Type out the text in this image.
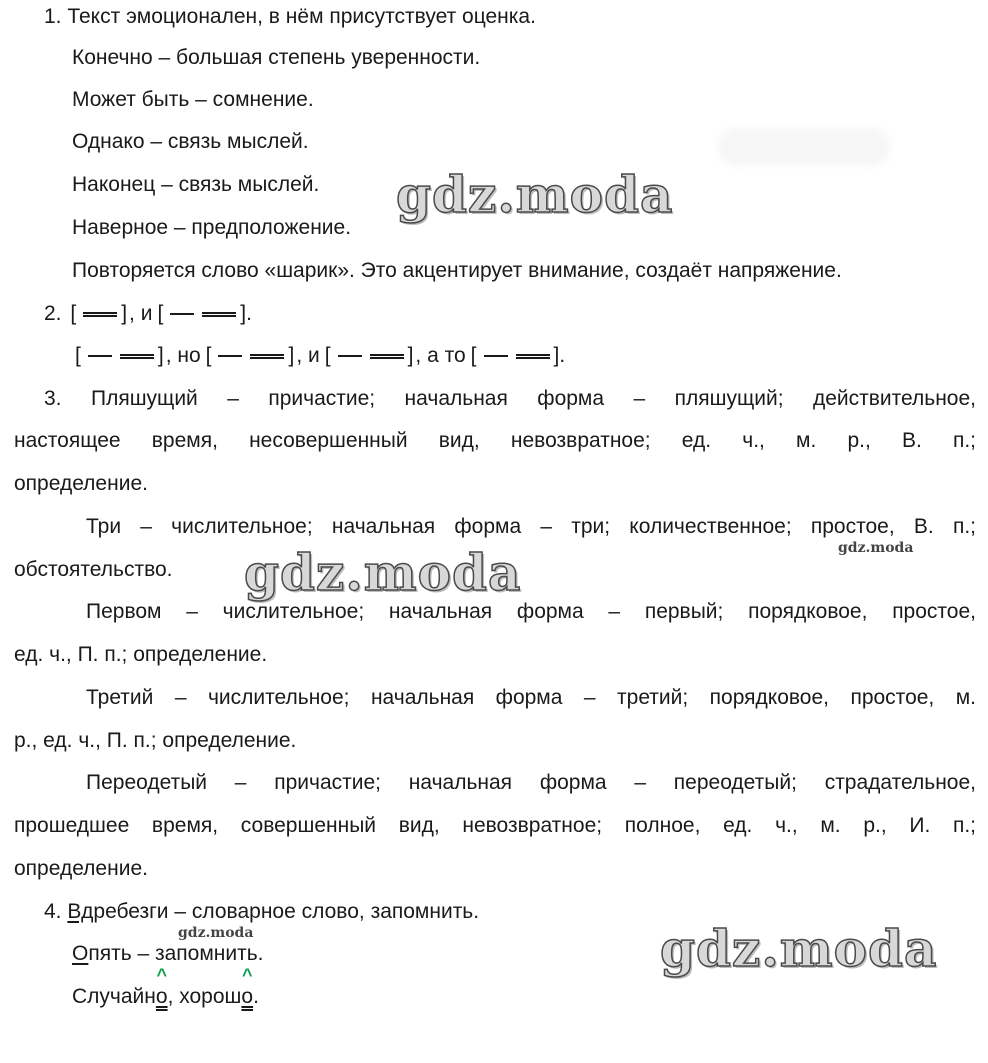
1. Текст эмоционален, в нём присутствует оценка.
Конечно – большая степень уверенности.
Может быть – сомнение.
Однако – связь мыслей.
Наконец – связь мыслей.
Наверное – предположение.
Повторяется слово «шарик». Это акцентирует внимание, создаёт напряжение.
2. [ ] , и [	].
[	] , но [	] , и [	] , а то [	].
3. Пляшущий – причастие; начальная форма – пляшущий; действительное,
настоящее время, несовершенный вид, невозвратное; ед. ч., м. р., В. п.;
определение.
Три – числительное; начальная форма – три; количественное; простое, В. п.;
обстоятельство.
Первом – числительное; начальная форма – первый; порядковое, простое,
ед. ч., П. п.; определение.
Третий – числительное; начальная форма – третий; порядковое, простое, м.
р., ед. ч., П. п.; определение.
Переодетый – причастие; начальная форма – переодетый; страдательное,
прошедшее время, совершенный вид, невозвратное; полное, ед. ч., м. р., И. п.;
определение.
4. Вдребезги – словарное слово, запомнить.
Опять – запомнить.
Случайн
^
о, хорош
^
о.
gdz.moda
gdz.moda
gdz.moda
gdz.moda
gdz.moda
